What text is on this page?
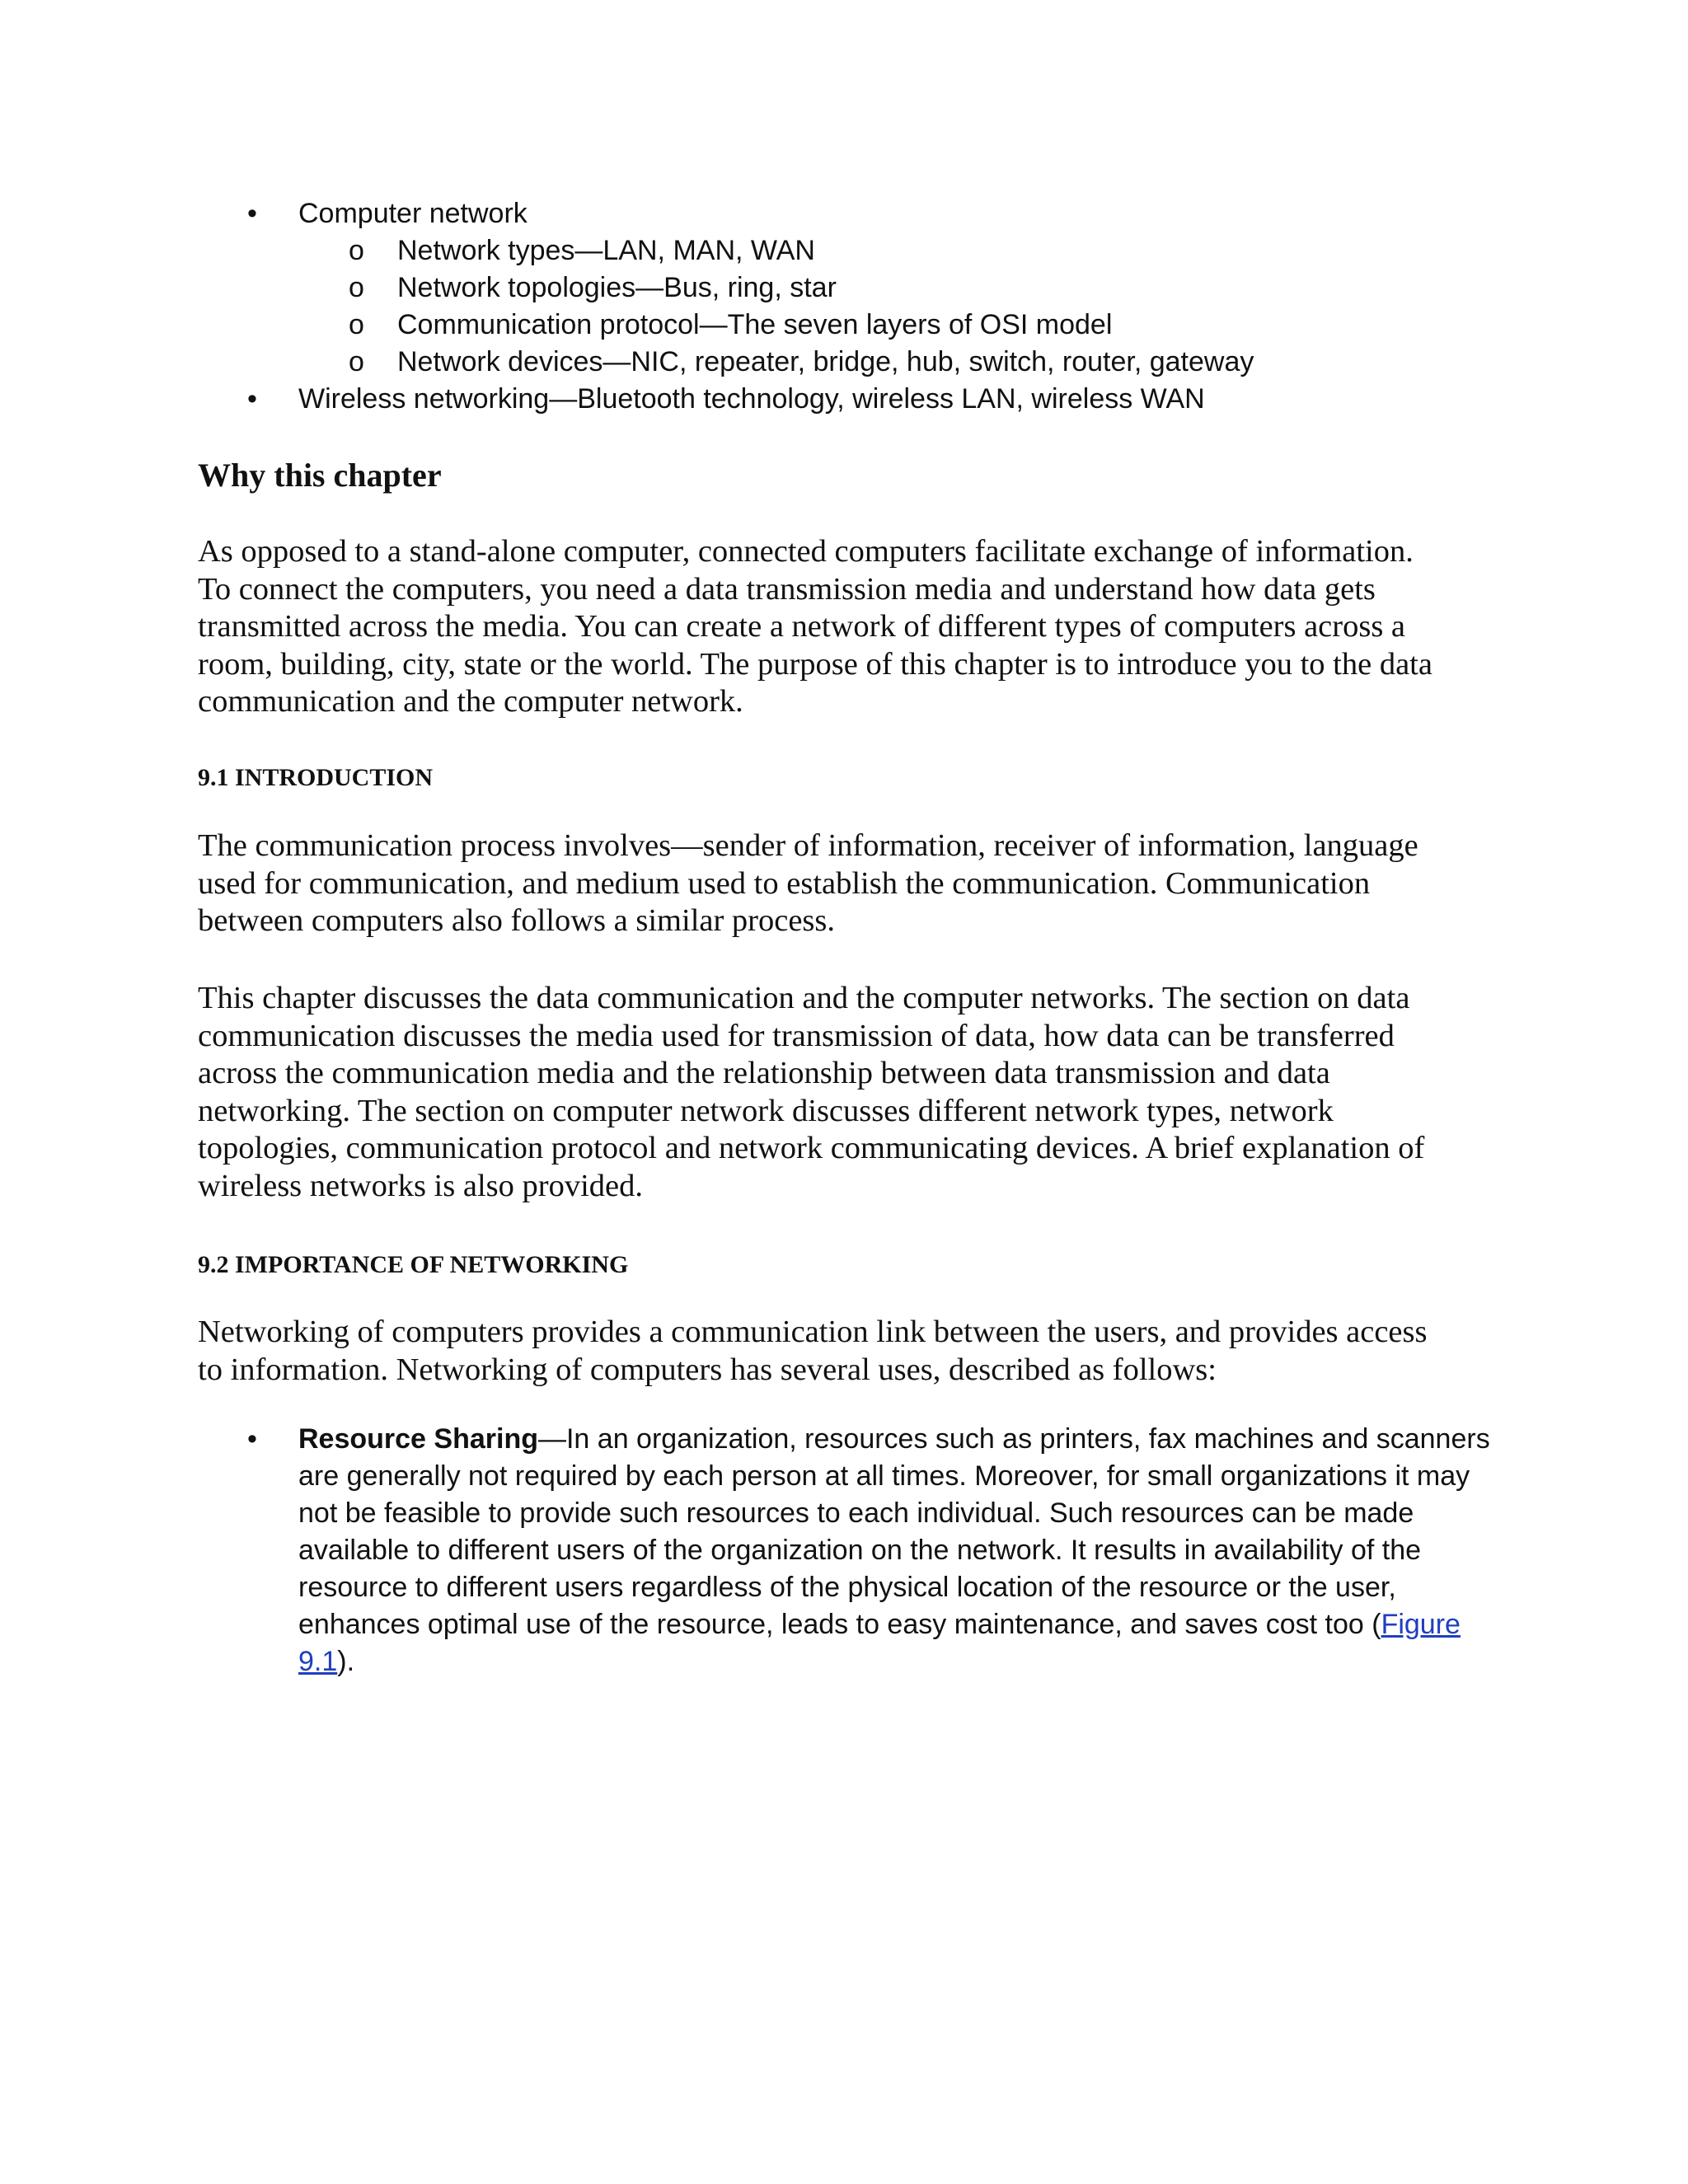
•	Computer network
o Network types—LAN, MAN, WAN
o Network topologies—Bus, ring, star
o Communication protocol—The seven layers of OSI model
o Network devices—NIC, repeater, bridge, hub, switch, router, gateway
•	Wireless networking—Bluetooth technology, wireless LAN, wireless WAN
Why this chapter
As opposed to a stand-alone computer, connected computers facilitate exchange of information.
To connect the computers, you need a data transmission media and understand how data gets
transmitted across the media. You can create a network of different types of computers across a
room, building, city, state or the world. The purpose of this chapter is to introduce you to the data
communication and the computer network.
9.1 INTRODUCTION
The communication process involves—sender of information, receiver of information, language
used for communication, and medium used to establish the communication. Communication
between computers also follows a similar process.
This chapter discusses the data communication and the computer networks. The section on data
communication discusses the media used for transmission of data, how data can be transferred
across the communication media and the relationship between data transmission and data
networking. The section on computer network discusses different network types, network
topologies, communication protocol and network communicating devices. A brief explanation of
wireless networks is also provided.
9.2 IMPORTANCE OF NETWORKING
Networking of computers provides a communication link between the users, and provides access
to information. Networking of computers has several uses, described as follows:
• Resource Sharing—In an organization, resources such as printers, fax machines and scanners
are generally not required by each person at all times. Moreover, for small organizations it may
not be feasible to provide such resources to each individual. Such resources can be made
available to different users of the organization on the network. It results in availability of the
resource to different users regardless of the physical location of the resource or the user,
enhances optimal use of the resource, leads to easy maintenance, and saves cost too (Figure
9.1).
